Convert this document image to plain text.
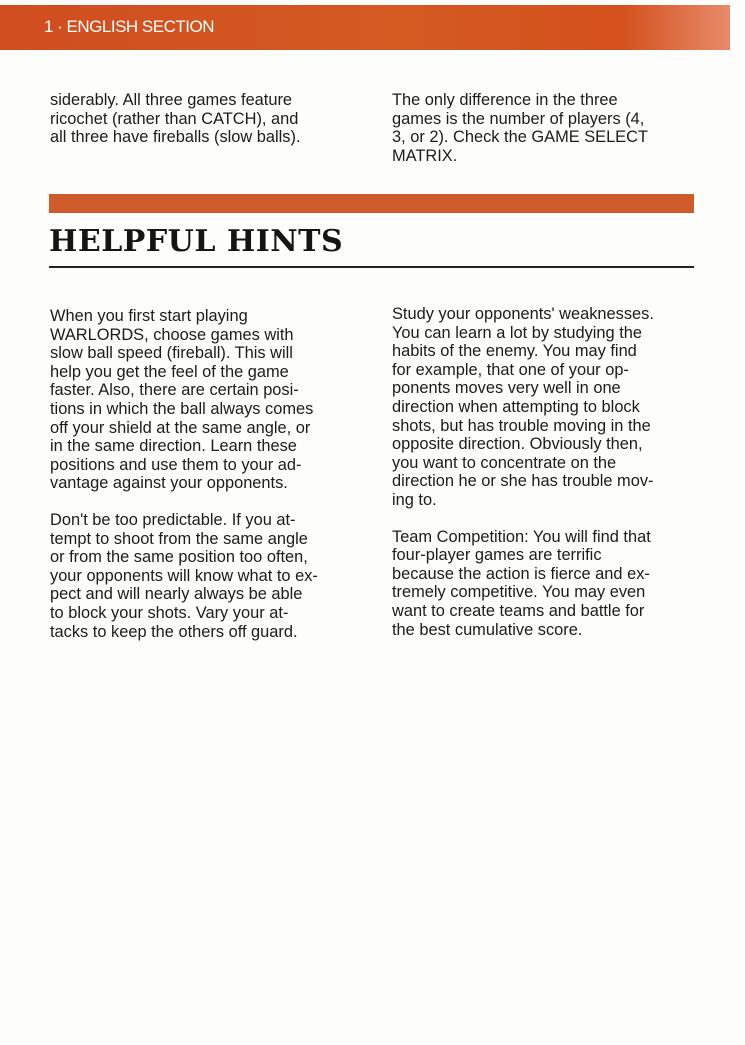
1 · ENGLISH SECTION

siderably. All three games feature
ricochet (rather than CATCH), and
all three have fireballs (slow balls).

The only difference in the three
games is the number of players (4,
3, or 2). Check the GAME SELECT
MATRIX.

HELPFUL HINTS

When you first start playing
WARLORDS, choose games with
slow ball speed (fireball). This will
help you get the feel of the game
faster. Also, there are certain posi-
tions in which the ball always comes
off your shield at the same angle, or
in the same direction. Learn these
positions and use them to your ad-
vantage against your opponents.

Don't be too predictable. If you at-
tempt to shoot from the same angle
or from the same position too often,
your opponents will know what to ex-
pect and will nearly always be able
to block your shots. Vary your at-
tacks to keep the others off guard.

Study your opponents' weaknesses.
You can learn a lot by studying the
habits of the enemy. You may find
for example, that one of your op-
ponents moves very well in one
direction when attempting to block
shots, but has trouble moving in the
opposite direction. Obviously then,
you want to concentrate on the
direction he or she has trouble mov-
ing to.

Team Competition: You will find that
four-player games are terrific
because the action is fierce and ex-
tremely competitive. You may even
want to create teams and battle for
the best cumulative score.
